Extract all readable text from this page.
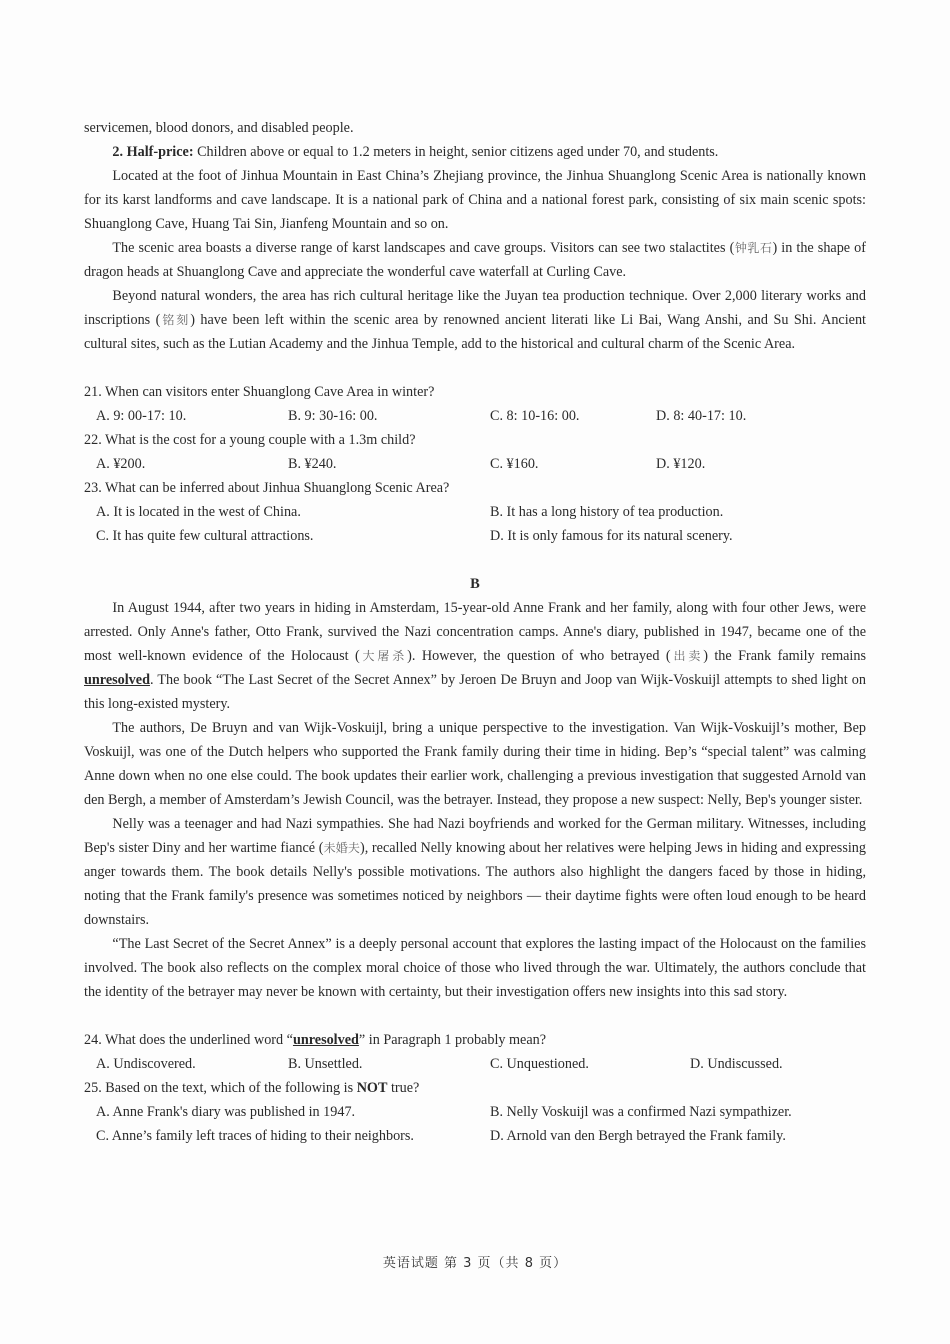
servicemen, blood donors, and disabled people.

2. Half-price: Children above or equal to 1.2 meters in height, senior citizens aged under 70, and students.

Located at the foot of Jinhua Mountain in East China’s Zhejiang province, the Jinhua Shuanglong Scenic Area is nationally known for its karst landforms and cave landscape. It is a national park of China and a national forest park, consisting of six main scenic spots: Shuanglong Cave, Huang Tai Sin, Jianfeng Mountain and so on.

The scenic area boasts a diverse range of karst landscapes and cave groups. Visitors can see two stalactites (钟乳石) in the shape of dragon heads at Shuanglong Cave and appreciate the wonderful cave waterfall at Curling Cave.

Beyond natural wonders, the area has rich cultural heritage like the Juyan tea production technique. Over 2,000 literary works and inscriptions (铭刻) have been left within the scenic area by renowned ancient literati like Li Bai, Wang Anshi, and Su Shi. Ancient cultural sites, such as the Lutian Academy and the Jinhua Temple, add to the historical and cultural charm of the Scenic Area.

21. When can visitors enter Shuanglong Cave Area in winter?

A. 9: 00-17: 10.	B. 9: 30-16: 00.	C. 8: 10-16: 00.	D. 8: 40-17: 10.

22. What is the cost for a young couple with a 1.3m child?

A. ¥200.	B. ¥240.	C. ¥160.	D. ¥120.

23. What can be inferred about Jinhua Shuanglong Scenic Area?

A. It is located in the west of China.	B. It has a long history of tea production.
C. It has quite few cultural attractions.	D. It is only famous for its natural scenery.

B

In August 1944, after two years in hiding in Amsterdam, 15-year-old Anne Frank and her family, along with four other Jews, were arrested. Only Anne's father, Otto Frank, survived the Nazi concentration camps. Anne's diary, published in 1947, became one of the most well-known evidence of the Holocaust (大屠杀). However, the question of who betrayed (出卖) the Frank family remains unresolved. The book “The Last Secret of the Secret Annex” by Jeroen De Bruyn and Joop van Wijk-Voskuijl attempts to shed light on this long-existed mystery.

The authors, De Bruyn and van Wijk-Voskuijl, bring a unique perspective to the investigation. Van Wijk-Voskuijl’s mother, Bep Voskuijl, was one of the Dutch helpers who supported the Frank family during their time in hiding. Bep’s “special talent” was calming Anne down when no one else could. The book updates their earlier work, challenging a previous investigation that suggested Arnold van den Bergh, a member of Amsterdam’s Jewish Council, was the betrayer. Instead, they propose a new suspect: Nelly, Bep's younger sister.

Nelly was a teenager and had Nazi sympathies. She had Nazi boyfriends and worked for the German military. Witnesses, including Bep's sister Diny and her wartime fiancé (未婚夫), recalled Nelly knowing about her relatives were helping Jews in hiding and expressing anger towards them. The book details Nelly's possible motivations. The authors also highlight the dangers faced by those in hiding, noting that the Frank family's presence was sometimes noticed by neighbors — their daytime fights were often loud enough to be heard downstairs.

“The Last Secret of the Secret Annex” is a deeply personal account that explores the lasting impact of the Holocaust on the families involved. The book also reflects on the complex moral choice of those who lived through the war. Ultimately, the authors conclude that the identity of the betrayer may never be known with certainty, but their investigation offers new insights into this sad story.

24. What does the underlined word “unresolved” in Paragraph 1 probably mean?

A. Undiscovered.	B. Unsettled.	C. Unquestioned.	D. Undiscussed.

25. Based on the text, which of the following is NOT true?

A. Anne Frank's diary was published in 1947.	B. Nelly Voskuijl was a confirmed Nazi sympathizer.
C. Anne’s family left traces of hiding to their neighbors.	D. Arnold van den Bergh betrayed the Frank family.
英语试题 第 3 页（共 8 页）
